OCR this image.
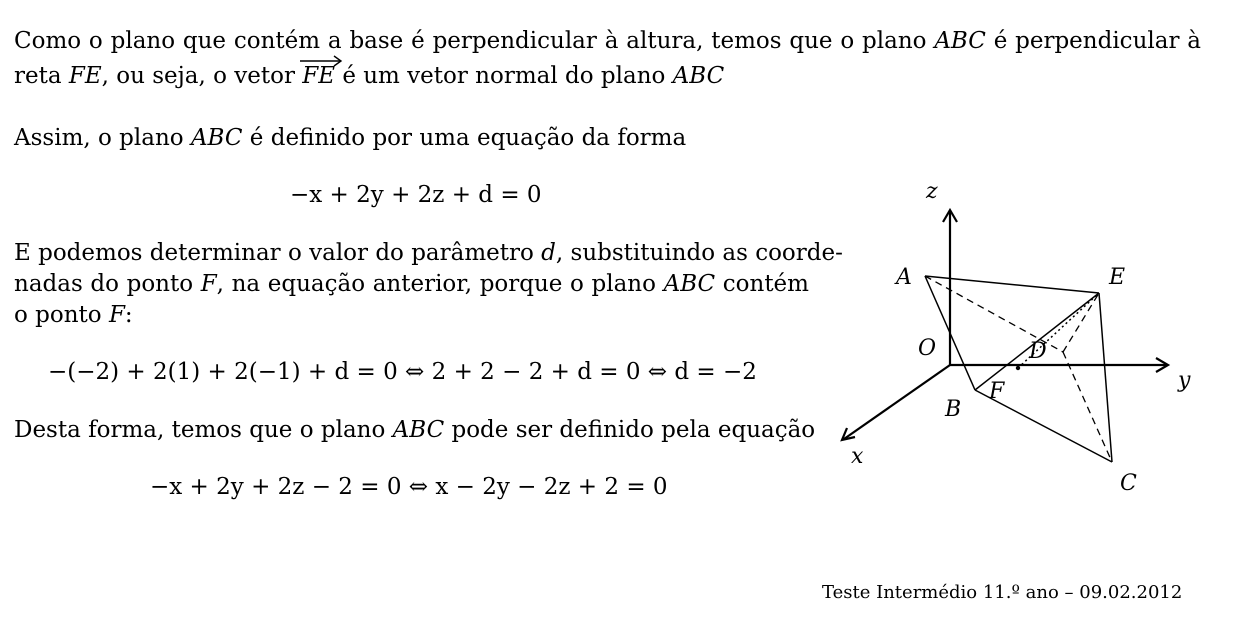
Como o plano que contém a base é perpendicular à altura, temos que o plano ABC é perpendicular à
reta FE, ou seja, o vetor
FE é um vetor normal do plano ABC
Assim, o plano ABC é definido por uma equação da forma
−x + 2y + 2z + d = 0
E podemos determinar o valor do parâmetro d, substituindo as coorde-
nadas do ponto F, na equação anterior, porque o plano ABC contém
o ponto F:
−(−2) + 2(1) + 2(−1) + d = 0 ⇔ 2 + 2 − 2 + d = 0 ⇔ d = −2
Desta forma, temos que o plano ABC pode ser definido pela equação
−x + 2y + 2z − 2 = 0 ⇔ x − 2y − 2z + 2 = 0
z
y
x
A
B
C
D
E
F
O
Teste Intermédio 11.º ano – 09.02.2012
